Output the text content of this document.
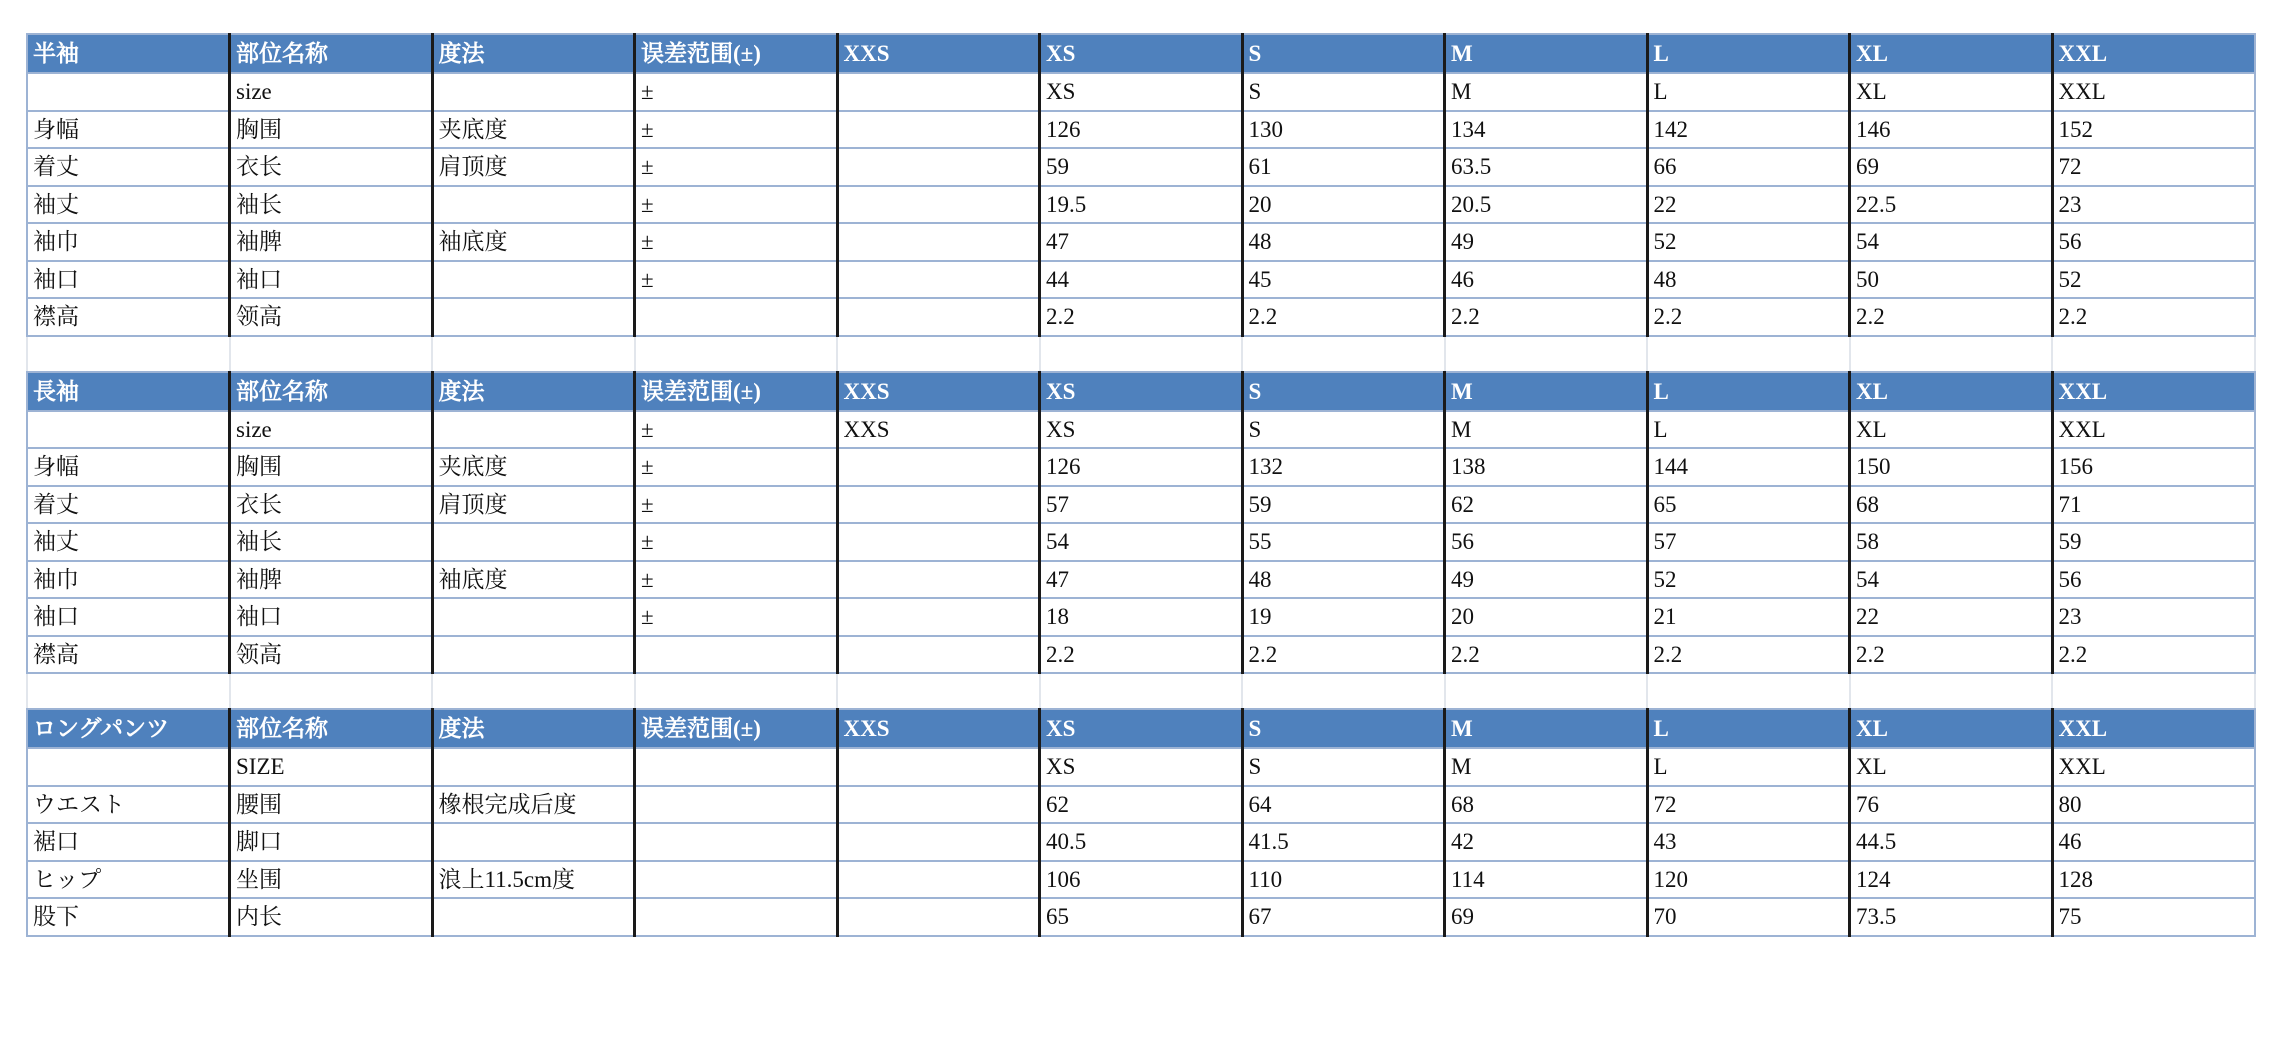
半袖	部位名称	度法	误差范围(±)	XXS	XS	S	M	L	XL	XXL
	size		±		XS	S	M	L	XL	XXL
身幅	胸围	夹底度	±		126	130	134	142	146	152
着丈	衣长	肩顶度	±		59	61	63.5	66	69	72
袖丈	袖长		±		19.5	20	20.5	22	22.5	23
袖巾	袖脾	袖底度	±		47	48	49	52	54	56
袖口	袖口		±		44	45	46	48	50	52
襟高	领高				2.2	2.2	2.2	2.2	2.2	2.2

長袖	部位名称	度法	误差范围(±)	XXS	XS	S	M	L	XL	XXL
	size		±	XXS	XS	S	M	L	XL	XXL
身幅	胸围	夹底度	±		126	132	138	144	150	156
着丈	衣长	肩顶度	±		57	59	62	65	68	71
袖丈	袖长		±		54	55	56	57	58	59
袖巾	袖脾	袖底度	±		47	48	49	52	54	56
袖口	袖口		±		18	19	20	21	22	23
襟高	领高				2.2	2.2	2.2	2.2	2.2	2.2

ロングパンツ	部位名称	度法	误差范围(±)	XXS	XS	S	M	L	XL	XXL
	SIZE				XS	S	M	L	XL	XXL
ウエスト	腰围	橡根完成后度			62	64	68	72	76	80
裾口	脚口				40.5	41.5	42	43	44.5	46
ヒップ	坐围	浪上11.5cm度			106	110	114	120	124	128
股下	内长				65	67	69	70	73.5	75
